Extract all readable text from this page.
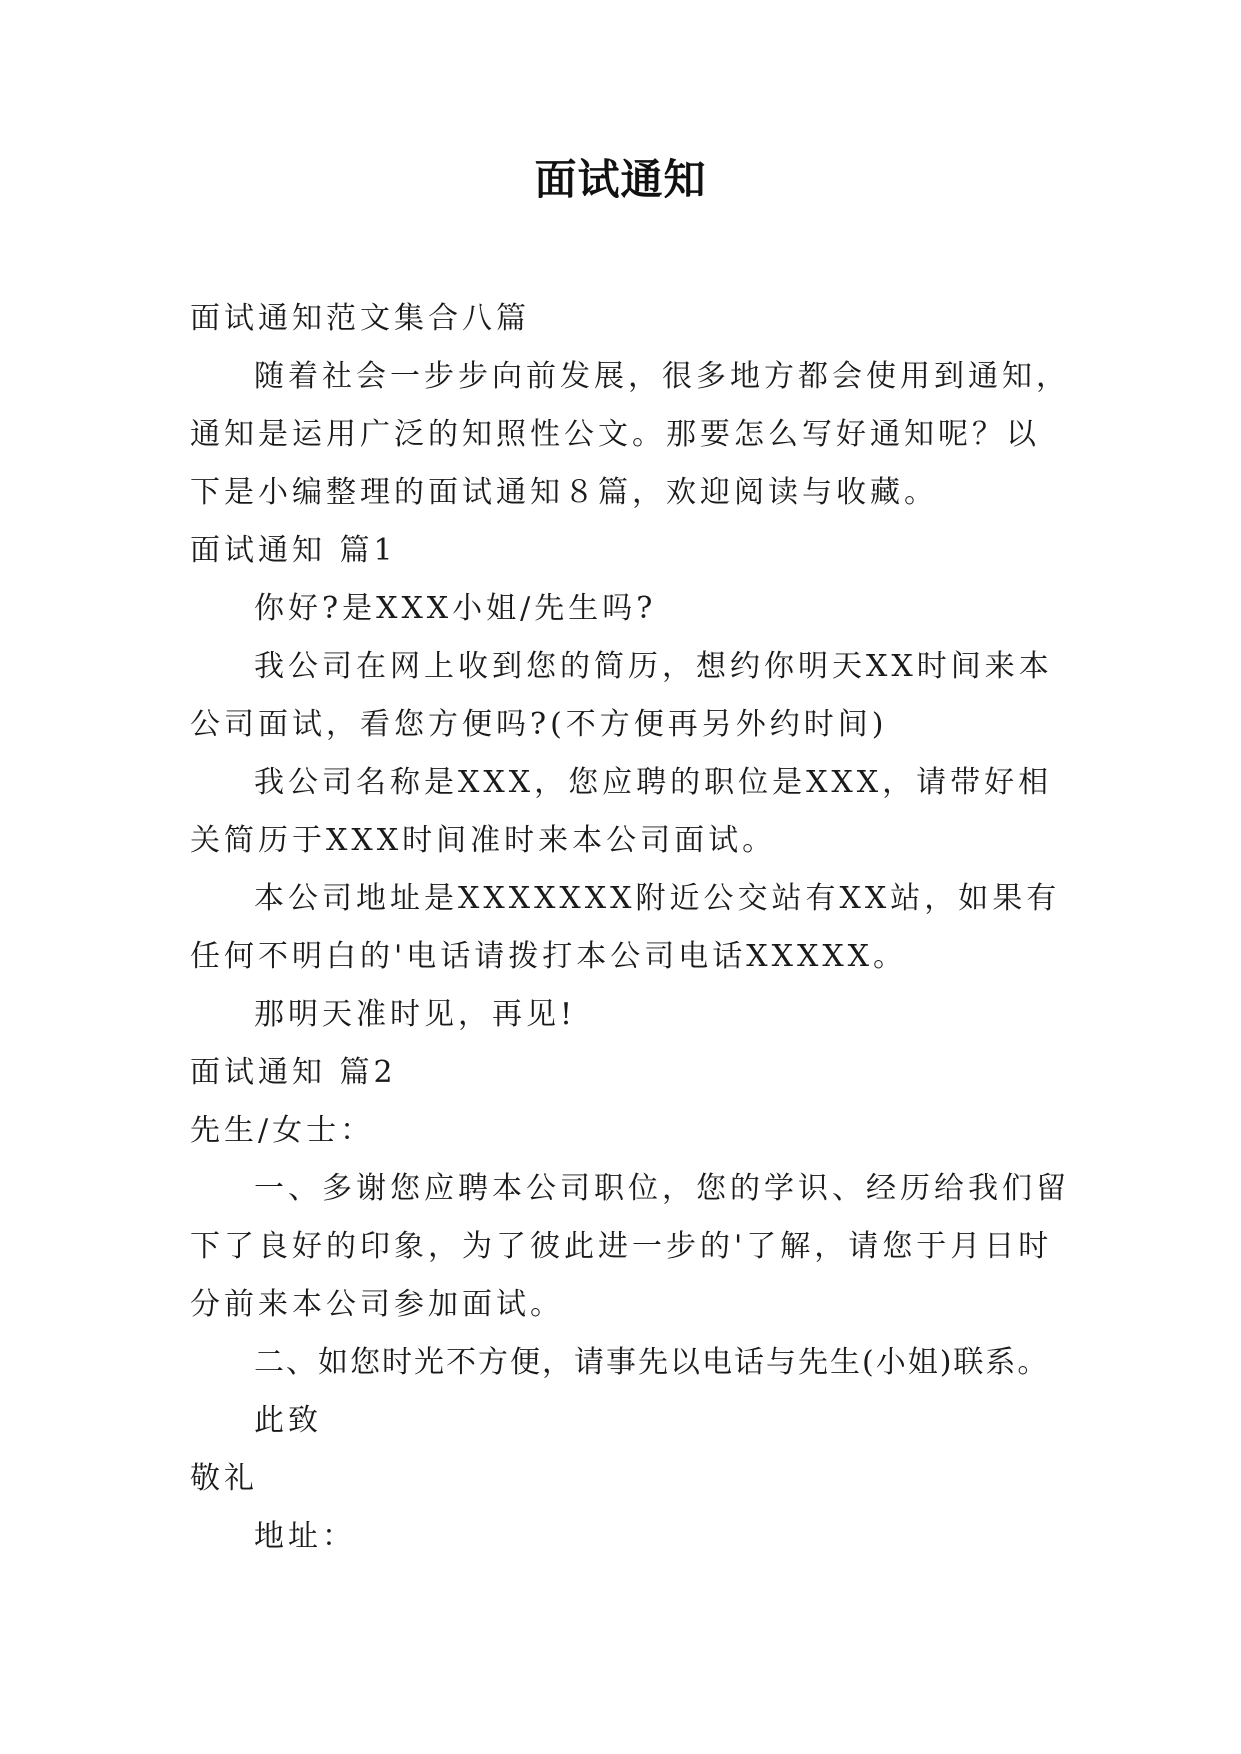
面试通知

面试通知范文集合八篇

随着社会一步步向前发展，很多地方都会使用到通知，通知是运用广泛的知照性公文。那要怎么写好通知呢？以下是小编整理的面试通知８篇，欢迎阅读与收藏。

面试通知 篇1

你好?是XXX小姐/先生吗?

我公司在网上收到您的简历，想约你明天XX时间来本公司面试，看您方便吗?(不方便再另外约时间)

我公司名称是XXX，您应聘的职位是XXX，请带好相关简历于XXX时间准时来本公司面试。

本公司地址是XXXXXXX附近公交站有XX站，如果有任何不明白的'电话请拨打本公司电话XXXXX。

那明天准时见，再见!

面试通知 篇2

先生/女士：

一、多谢您应聘本公司职位，您的学识、经历给我们留下了良好的印象，为了彼此进一步的'了解，请您于月日时分前来本公司参加面试。

二、如您时光不方便，请事先以电话与先生(小姐)联系。

此致

敬礼

地址：
